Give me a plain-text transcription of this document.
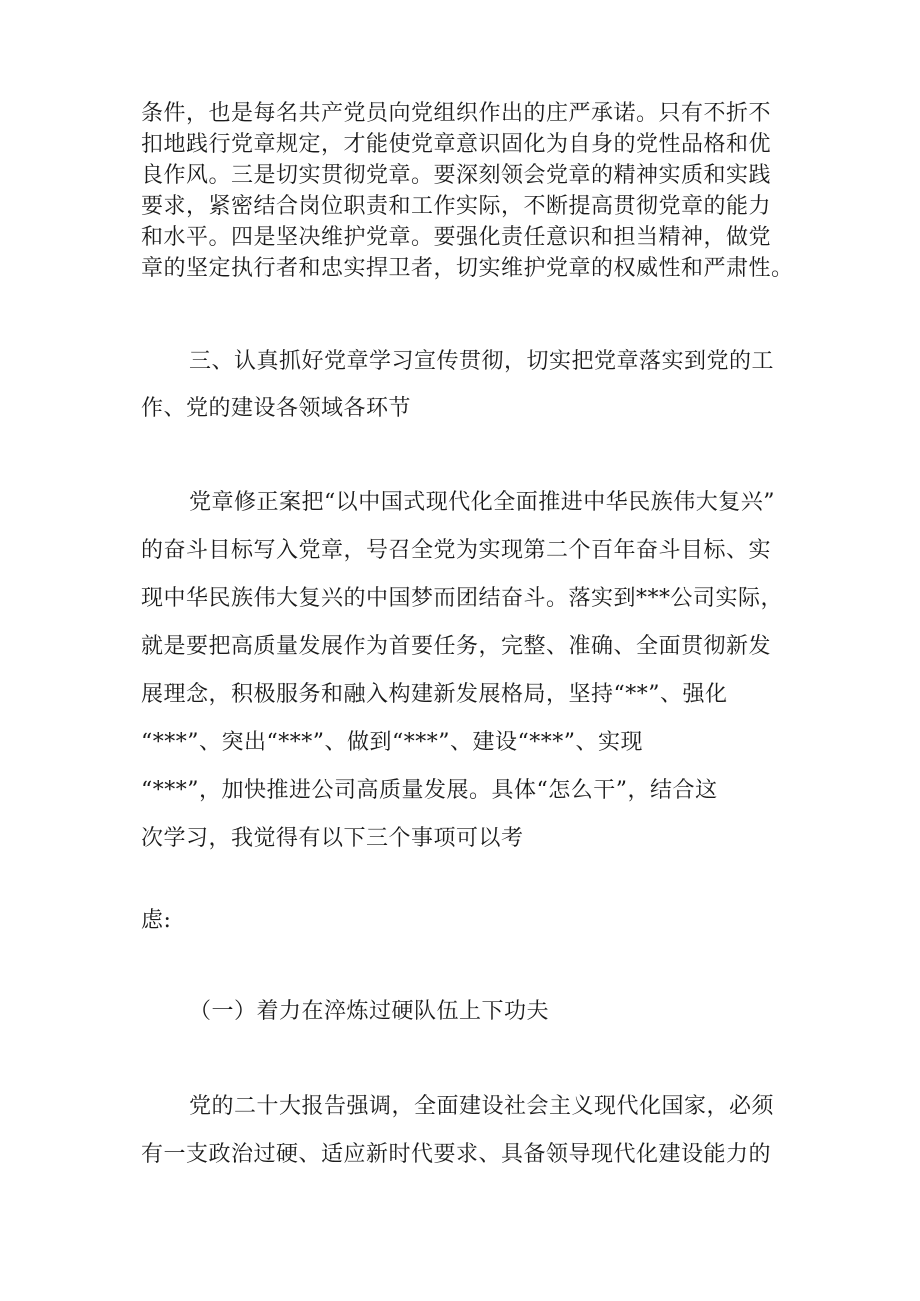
条件，也是每名共产党员向党组织作出的庄严承诺。只有不折不
扣地践行党章规定，才能使党章意识固化为自身的党性品格和优
良作风。三是切实贯彻党章。要深刻领会党章的精神实质和实践
要求，紧密结合岗位职责和工作实际，不断提高贯彻党章的能力
和水平。四是坚决维护党章。要强化责任意识和担当精神，做党
章的坚定执行者和忠实捍卫者，切实维护党章的权威性和严肃性。
三、认真抓好党章学习宣传贯彻，切实把党章落实到党的工
作、党的建设各领域各环节
党章修正案把“以中国式现代化全面推进中华民族伟大复兴”
的奋斗目标写入党章，号召全党为实现第二个百年奋斗目标、实
现中华民族伟大复兴的中国梦而团结奋斗。落实到***公司实际，
就是要把高质量发展作为首要任务，完整、准确、全面贯彻新发
展理念，积极服务和融入构建新发展格局，坚持“**”、强化
“***”、突出“***”、做到“***”、建设“***”、实现
“***”，加快推进公司高质量发展。具体“怎么干”，结合这
次学习，我觉得有以下三个事项可以考
虑:
（一）着力在淬炼过硬队伍上下功夫
党的二十大报告强调，全面建设社会主义现代化国家，必须
有一支政治过硬、适应新时代要求、具备领导现代化建设能力的
